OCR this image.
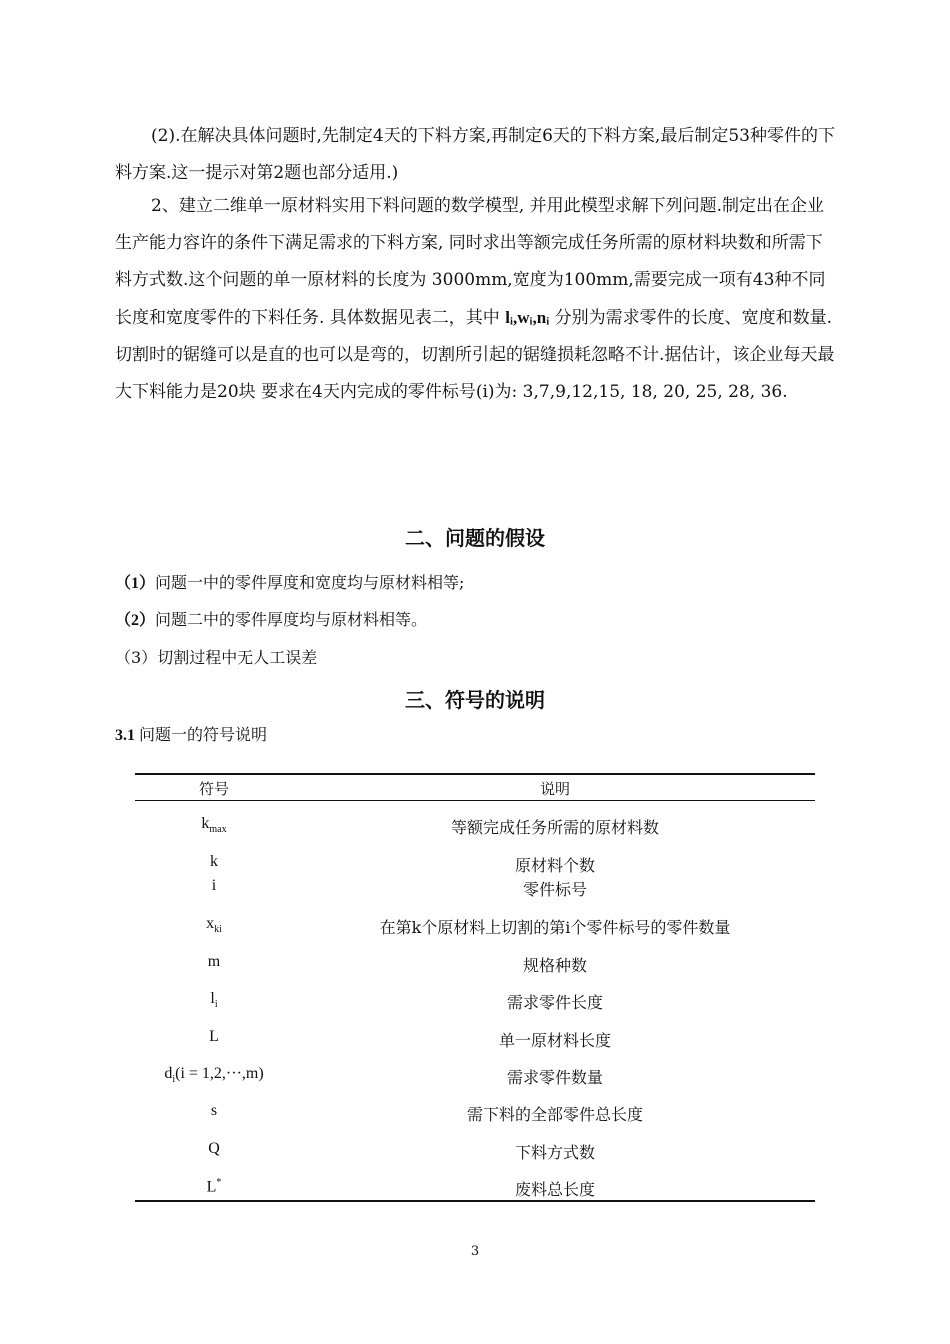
(2).在解决具体问题时,先制定4天的下料方案,再制定6天的下料方案,最后制定53种零件的下料方案.这一提示对第2题也部分适用.)

2、建立二维单一原材料实用下料问题的数学模型, 并用此模型求解下列问题.制定出在企业生产能力容许的条件下满足需求的下料方案, 同时求出等额完成任务所需的原材料块数和所需下料方式数.这个问题的单一原材料的长度为 3000mm,宽度为100mm,需要完成一项有43种不同长度和宽度零件的下料任务. 具体数据见表二，其中 lᵢ,wᵢ,nᵢ 分别为需求零件的长度、宽度和数量.　切割时的锯缝可以是直的也可以是弯的，切割所引起的锯缝损耗忽略不计.据估计，该企业每天最大下料能力是20块 要求在4天内完成的零件标号(i)为: 3,7,9,12,15, 18, 20, 25, 28, 36.

二、问题的假设

（1）问题一中的零件厚度和宽度均与原材料相等;

（2）问题二中的零件厚度均与原材料相等。

（3）切割过程中无人工误差

三、符号的说明

3.1 问题一的符号说明

符号	说明
$k_{max}$	等额完成任务所需的原材料数
k	原材料个数
i	零件标号
$x_{ki}$	在第k个原材料上切割的第i个零件标号的零件数量
m	规格种数
$l_i$	需求零件长度
L	单一原材料长度
$d_i(i = 1,2,\cdot\cdot\cdot,m)$	需求零件数量
s	需下料的全部零件总长度
Q	下料方式数
L*	废料总长度
3
